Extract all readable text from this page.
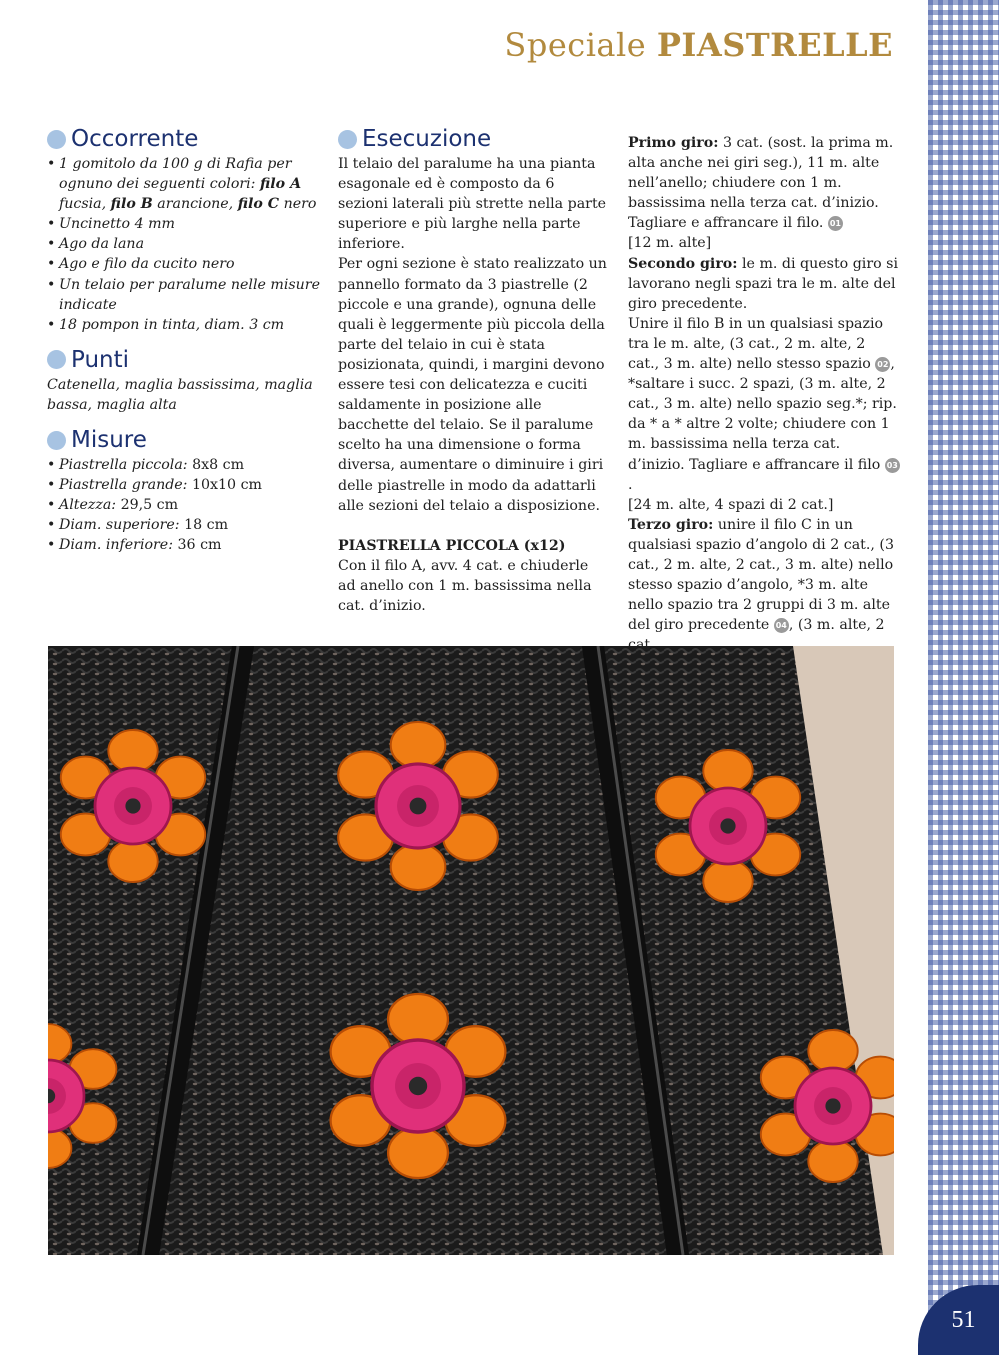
51
Speciale PIASTRELLE
Occorrente
• 1 gomitolo da 100 g di Rafia per ognuno dei seguenti colori: filo A fucsia, filo B arancione, filo C nero
• Uncinetto 4 mm
• Ago da lana
• Ago e filo da cucito nero
• Un telaio per paralume nelle misure indicate
• 18 pompon in tinta, diam. 3 cm
Punti

Catenella, maglia bassissima, maglia bassa, maglia alta

Misure
• Piastrella piccola: 8x8 cm
• Piastrella grande: 10x10 cm
• Altezza: 29,5 cm
• Diam. superiore: 18 cm
• Diam. inferiore: 36 cm
Esecuzione

Il telaio del paralume ha una pianta esagonale ed è composto da 6 sezioni laterali più strette nella parte superiore e più larghe nella parte inferiore.

Per ogni sezione è stato realizzato un pannello formato da 3 piastrelle (2 piccole e una grande), ognuna delle quali è leggermente più piccola della parte del telaio in cui è stata posizionata, quindi, i margini devono essere tesi con delicatezza e cuciti saldamente in posizione alle bacchette del telaio. Se il paralume scelto ha una dimensione o forma diversa, aumentare o diminuire i giri delle piastrelle in modo da adattarli alle sezioni del telaio a disposizione.

PIASTRELLA PICCOLA (x12)

Con il filo A, avv. 4 cat. e chiuderle ad anello con 1 m. bassissima nella cat. d’inizio.

Primo giro: 3 cat. (sost. la prima m. alta anche nei giri seg.), 11 m. alte nell’anello; chiudere con 1 m. bassissima nella terza cat. d’inizio. Tagliare e affrancare il filo. 01

[12 m. alte]

Secondo giro: le m. di questo giro si lavorano negli spazi tra le m. alte del giro precedente.

Unire il filo B in un qualsiasi spazio tra le m. alte, (3 cat., 2 m. alte, 2 cat., 3 m. alte) nello stesso spazio 02 , *saltare i succ. 2 spazi, (3 m. alte, 2 cat., 3 m. alte) nello spazio seg.*; rip. da * a * altre 2 volte; chiudere con 1 m. bassissima nella terza cat. d’inizio. Tagliare e affrancare il filo 03.

[24 m. alte, 4 spazi di 2 cat.]

Terzo giro: unire il filo C in un qualsiasi spazio d’angolo di 2 cat., (3 cat., 2 m. alte, 2 cat., 3 m. alte) nello stesso spazio d’angolo, *3 m. alte nello spazio tra 2 gruppi di 3 m. alte del giro precedente 04 , (3 m. alte, 2
